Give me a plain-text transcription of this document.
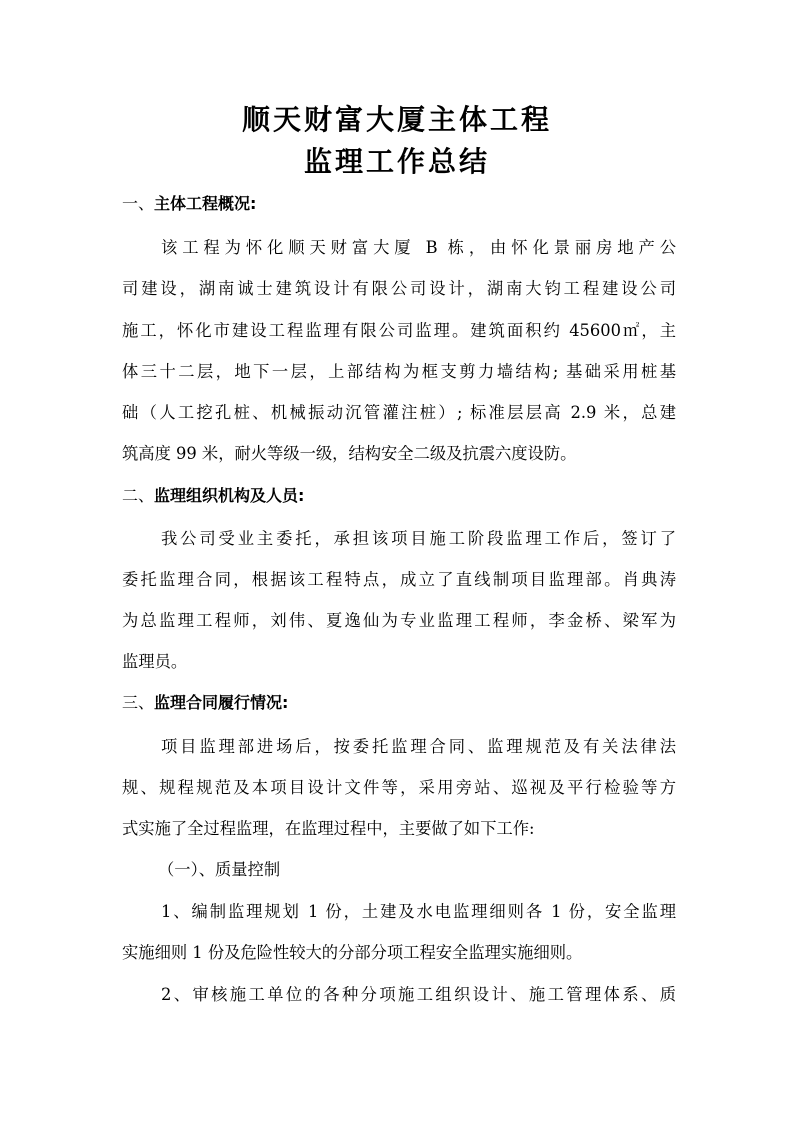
顺天财富大厦主体工程
监理工作总结
一、主体工程概况:
该工程为怀化顺天财富大厦 B 栋，由怀化景丽房地产公
司建设，湖南诚士建筑设计有限公司设计，湖南大钧工程建设公司
施工，怀化市建设工程监理有限公司监理。建筑面积约 45600㎡，主
体三十二层，地下一层，上部结构为框支剪力墙结构; 基础采用桩基
础（人工挖孔桩、机械振动沉管灌注桩）; 标准层层高 2.9 米，总建
筑高度 99 米，耐火等级一级，结构安全二级及抗震六度设防。
二、监理组织机构及人员:
我公司受业主委托，承担该项目施工阶段监理工作后，签订了
委托监理合同，根据该工程特点，成立了直线制项目监理部。肖典涛
为总监理工程师，刘伟、夏逸仙为专业监理工程师，李金桥、梁军为
监理员。
三、监理合同履行情况:
项目监理部进场后，按委托监理合同、监理规范及有关法律法
规、规程规范及本项目设计文件等，采用旁站、巡视及平行检验等方
式实施了全过程监理，在监理过程中，主要做了如下工作:
（一）、质量控制
1、编制监理规划 1 份，土建及水电监理细则各 1 份，安全监理
实施细则 1 份及危险性较大的分部分项工程安全监理实施细则。
2、审核施工单位的各种分项施工组织设计、施工管理体系、质
